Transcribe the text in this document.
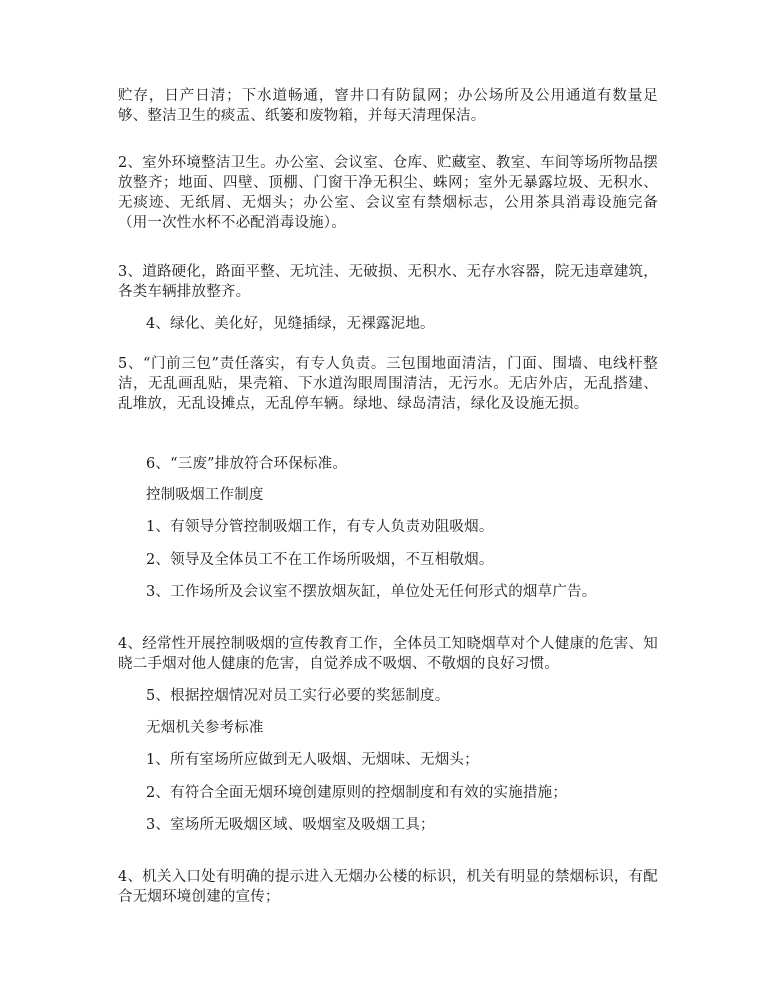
贮存，日产日清；下水道畅通，窨井口有防鼠网；办公场所及公用通道有数量足够、整洁卫生的痰盂、纸篓和废物箱，并每天清理保洁。

2、室外环境整洁卫生。办公室、会议室、仓库、贮藏室、教室、车间等场所物品摆放整齐；地面、四壁、顶棚、门窗干净无积尘、蛛网；室外无暴露垃圾、无积水、无痰迹、无纸屑、无烟头；办公室、会议室有禁烟标志，公用茶具消毒设施完备（用一次性水杯不必配消毒设施）。

3、道路硬化，路面平整、无坑洼、无破损、无积水、无存水容器，院无违章建筑，各类车辆排放整齐。

4、绿化、美化好，见缝插绿，无裸露泥地。

5、“门前三包”责任落实，有专人负责。三包围地面清洁，门面、围墙、电线杆整洁，无乱画乱贴，果壳箱、下水道沟眼周围清洁，无污水。无店外店，无乱搭建、乱堆放，无乱设摊点，无乱停车辆。绿地、绿岛清洁，绿化及设施无损。

6、“三废”排放符合环保标准。

控制吸烟工作制度

1、有领导分管控制吸烟工作，有专人负责劝阻吸烟。

2、领导及全体员工不在工作场所吸烟，不互相敬烟。

3、工作场所及会议室不摆放烟灰缸，单位处无任何形式的烟草广告。

4、经常性开展控制吸烟的宣传教育工作，全体员工知晓烟草对个人健康的危害、知晓二手烟对他人健康的危害，自觉养成不吸烟、不敬烟的良好习惯。

5、根据控烟情况对员工实行必要的奖惩制度。

无烟机关参考标准

1、所有室场所应做到无人吸烟、无烟味、无烟头；

2、有符合全面无烟环境创建原则的控烟制度和有效的实施措施；

3、室场所无吸烟区域、吸烟室及吸烟工具；

4、机关入口处有明确的提示进入无烟办公楼的标识，机关有明显的禁烟标识，有配合无烟环境创建的宣传；
